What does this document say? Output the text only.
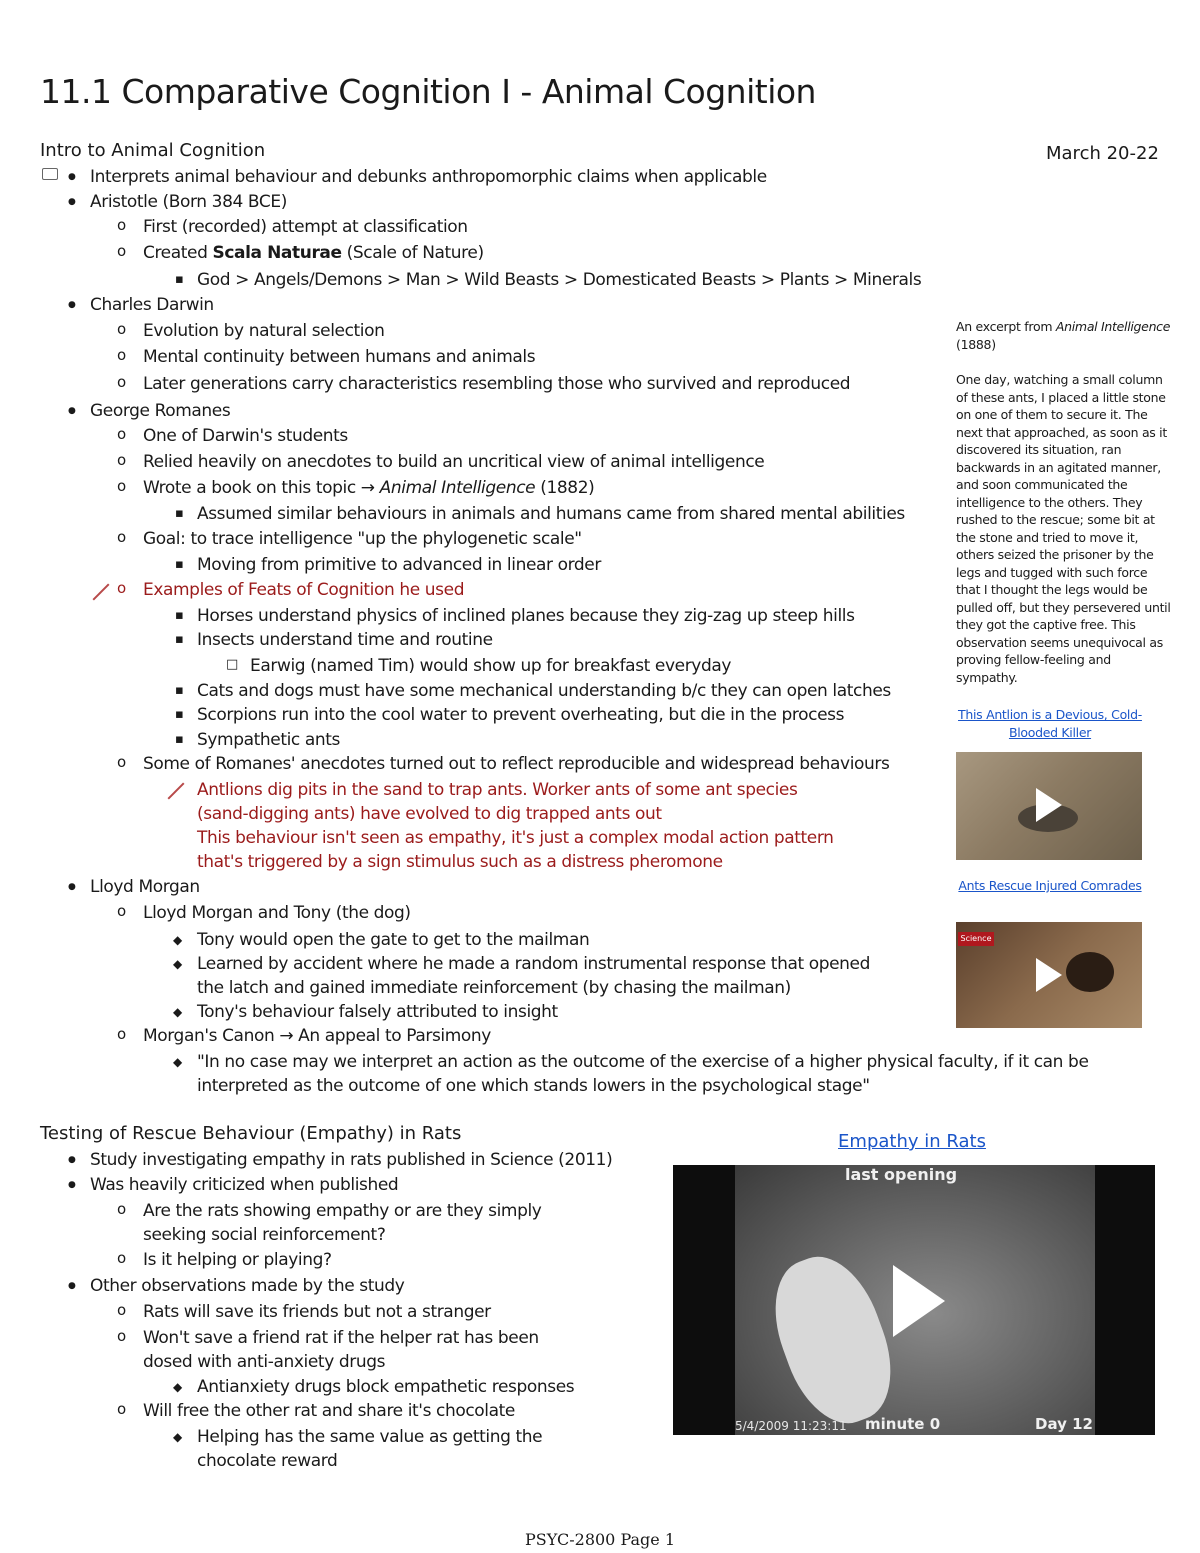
11.1 Comparative Cognition I - Animal Cognition
Intro to Animal Cognition	March 20-22
● Interprets animal behaviour and debunks anthropomorphic claims when applicable
● Aristotle (Born 384 BCE)
o First (recorded) attempt at classification
o Created Scala Naturae (Scale of Nature)
▪ God > Angels/Demons > Man > Wild Beasts > Domesticated Beasts > Plants > Minerals
● Charles Darwin
o Evolution by natural selection
o Mental continuity between humans and animals
o Later generations carry characteristics resembling those who survived and reproduced
● George Romanes
o One of Darwin's students
o Relied heavily on anecdotes to build an uncritical view of animal intelligence
o Wrote a book on this topic → Animal Intelligence (1882)
▪ Assumed similar behaviours in animals and humans came from shared mental abilities
o Goal: to trace intelligence "up the phylogenetic scale"
▪ Moving from primitive to advanced in linear order
o Examples of Feats of Cognition he used
▪ Horses understand physics of inclined planes because they zig-zag up steep hills
▪ Insects understand time and routine
□ Earwig (named Tim) would show up for breakfast everyday
▪ Cats and dogs must have some mechanical understanding b/c they can open latches
▪ Scorpions run into the cool water to prevent overheating, but die in the process
▪ Sympathetic ants
o Some of Romanes' anecdotes turned out to reflect reproducible and widespread behaviours
Antlions dig pits in the sand to trap ants. Worker ants of some ant species
(sand-digging ants) have evolved to dig trapped ants out
This behaviour isn't seen as empathy, it's just a complex modal action pattern
that's triggered by a sign stimulus such as a distress pheromone
● Lloyd Morgan
o Lloyd Morgan and Tony (the dog)
◆ Tony would open the gate to get to the mailman
◆ Learned by accident where he made a random instrumental response that opened
the latch and gained immediate reinforcement (by chasing the mailman)
◆ Tony's behaviour falsely attributed to insight
o Morgan's Canon → An appeal to Parsimony
◆ "In no case may we interpret an action as the outcome of the exercise of a higher physical faculty, if it can be
interpreted as the outcome of one which stands lowers in the psychological stage"
An excerpt from Animal Intelligence (1888)
One day, watching a small column of these ants, I placed a little stone on one of them to secure it. The next that approached, as soon as it discovered its situation, ran backwards in an agitated manner, and soon communicated the intelligence to the others. They rushed to the rescue; some bit at the stone and tried to move it, others seized the prisoner by the legs and tugged with such force that I thought the legs would be pulled off, but they persevered until they got the captive free. This observation seems unequivocal as proving fellow-feeling and sympathy.
This Antlion is a Devious, Cold-Blooded Killer
Ants Rescue Injured Comrades
Science
Testing of Rescue Behaviour (Empathy) in Rats
● Study investigating empathy in rats published in Science (2011)
● Was heavily criticized when published
o Are the rats showing empathy or are they simply
seeking social reinforcement?
o Is it helping or playing?
● Other observations made by the study
o Rats will save its friends but not a stranger
o Won't save a friend rat if the helper rat has been
dosed with anti-anxiety drugs
◆ Antianxiety drugs block empathetic responses
o Will free the other rat and share it's chocolate
◆ Helping has the same value as getting the
chocolate reward
Empathy in Rats
last opening
5/4/2009 11:23:11 minute 0	Day 12
PSYC-2800 Page 1
